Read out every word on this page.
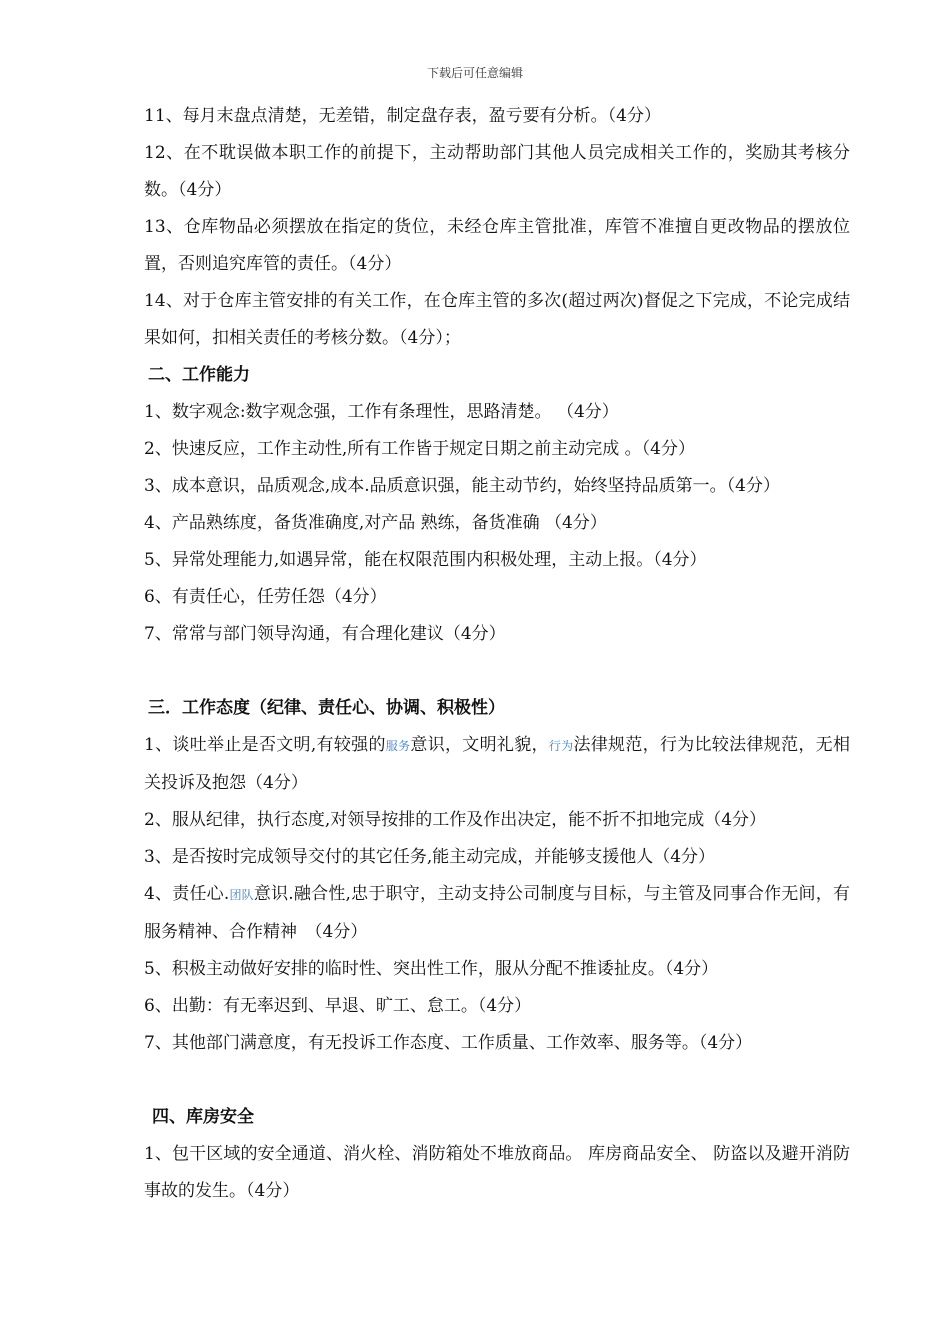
下载后可任意编辑

11、每月末盘点清楚，无差错，制定盘存表，盈亏要有分析。（4分）

12、在不耽误做本职工作的前提下，主动帮助部门其他人员完成相关工作的，奖励其考核分数。（4分）

13、仓库物品必须摆放在指定的货位，未经仓库主管批准，库管不准擅自更改物品的摆放位置，否则追究库管的责任。（4分）

14、对于仓库主管安排的有关工作，在仓库主管的多次(超过两次)督促之下完成，不论完成结果如何，扣相关责任的考核分数。（4分）；

二、工作能力

1、数字观念:数字观念强，工作有条理性，思路清楚。 （4分）

2、快速反应，工作主动性,所有工作皆于规定日期之前主动完成 。（4分）

3、成本意识，品质观念,成本.品质意识强，能主动节约，始终坚持品质第一。（4分）

4、产品熟练度，备货准确度,对产品 熟练，备货准确 （4分）

5、异常处理能力,如遇异常，能在权限范围内积极处理，主动上报。（4分）

6、有责任心，任劳任怨（4分）

7、常常与部门领导沟通，有合理化建议（4分）

三．工作态度（纪律、责任心、协调、积极性）

1、谈吐举止是否文明,有较强的服务意识，文明礼貌，行为法律规范，行为比较法律规范，无相关投诉及抱怨（4分）

2、服从纪律，执行态度,对领导按排的工作及作出决定，能不折不扣地完成（4分）

3、是否按时完成领导交付的其它任务,能主动完成，并能够支援他人（4分）

4、责任心.团队意识.融合性,忠于职守，主动支持公司制度与目标，与主管及同事合作无间，有服务精神、合作精神　（4分）

5、积极主动做好安排的临时性、突出性工作，服从分配不推诿扯皮。（4分）

6、出勤：有无率迟到、早退、旷工、怠工。（4分）

7、其他部门满意度，有无投诉工作态度、工作质量、工作效率、服务等。（4分）

四、库房安全

1、包干区域的安全通道、消火栓、消防箱处不堆放商品。 库房商品安全、 防盗以及避开消防事故的发生。（4分）
